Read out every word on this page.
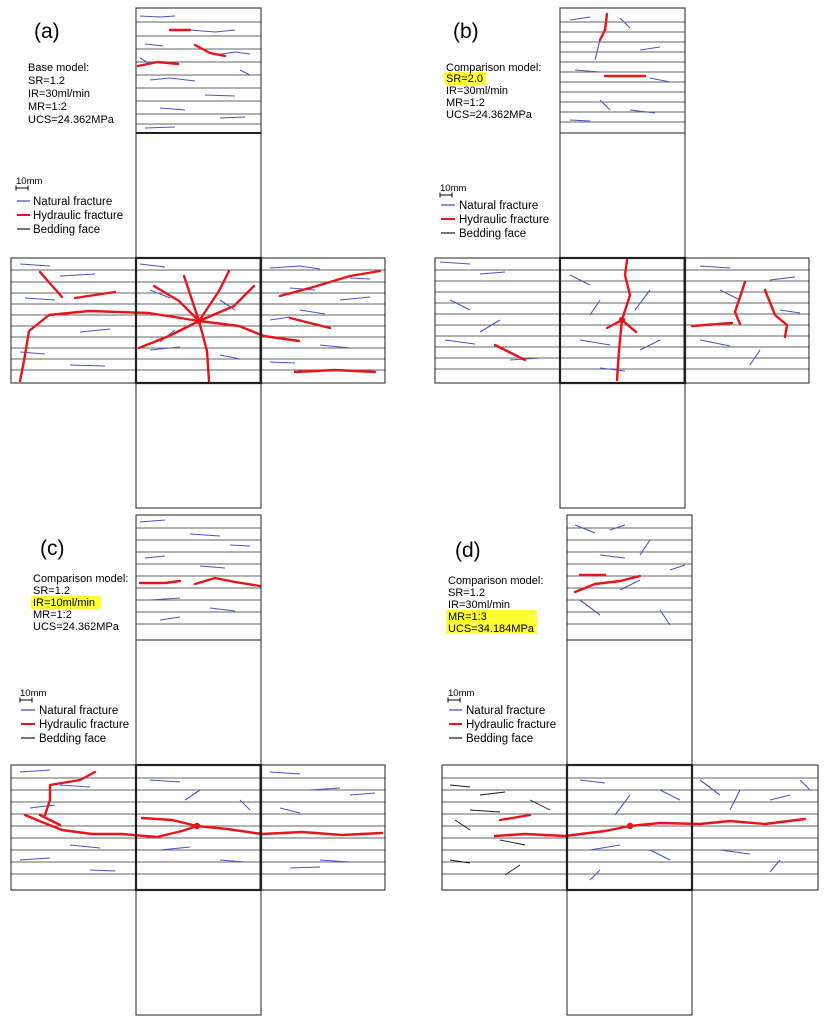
(a)
Base model:
SR=1.2
IR=30ml/min
MR=1:2
UCS=24.362MPa
10mm
Natural fracture
Hydraulic fracture
Bedding face
(b)
Comparison model:
SR=2.0
IR=30ml/min
MR=1:2
UCS=24.362MPa
10mm
Natural fracture
Hydraulic fracture
Bedding face
(c)
Comparison model:
SR=1.2
IR=10ml/min
MR=1:2
UCS=24.362MPa
10mm
Natural fracture
Hydraulic fracture
Bedding face
(d)
Comparison model:
SR=1.2
IR=30ml/min
MR=1:3
UCS=34.184MPa
10mm
Natural fracture
Hydraulic fracture
Bedding face
